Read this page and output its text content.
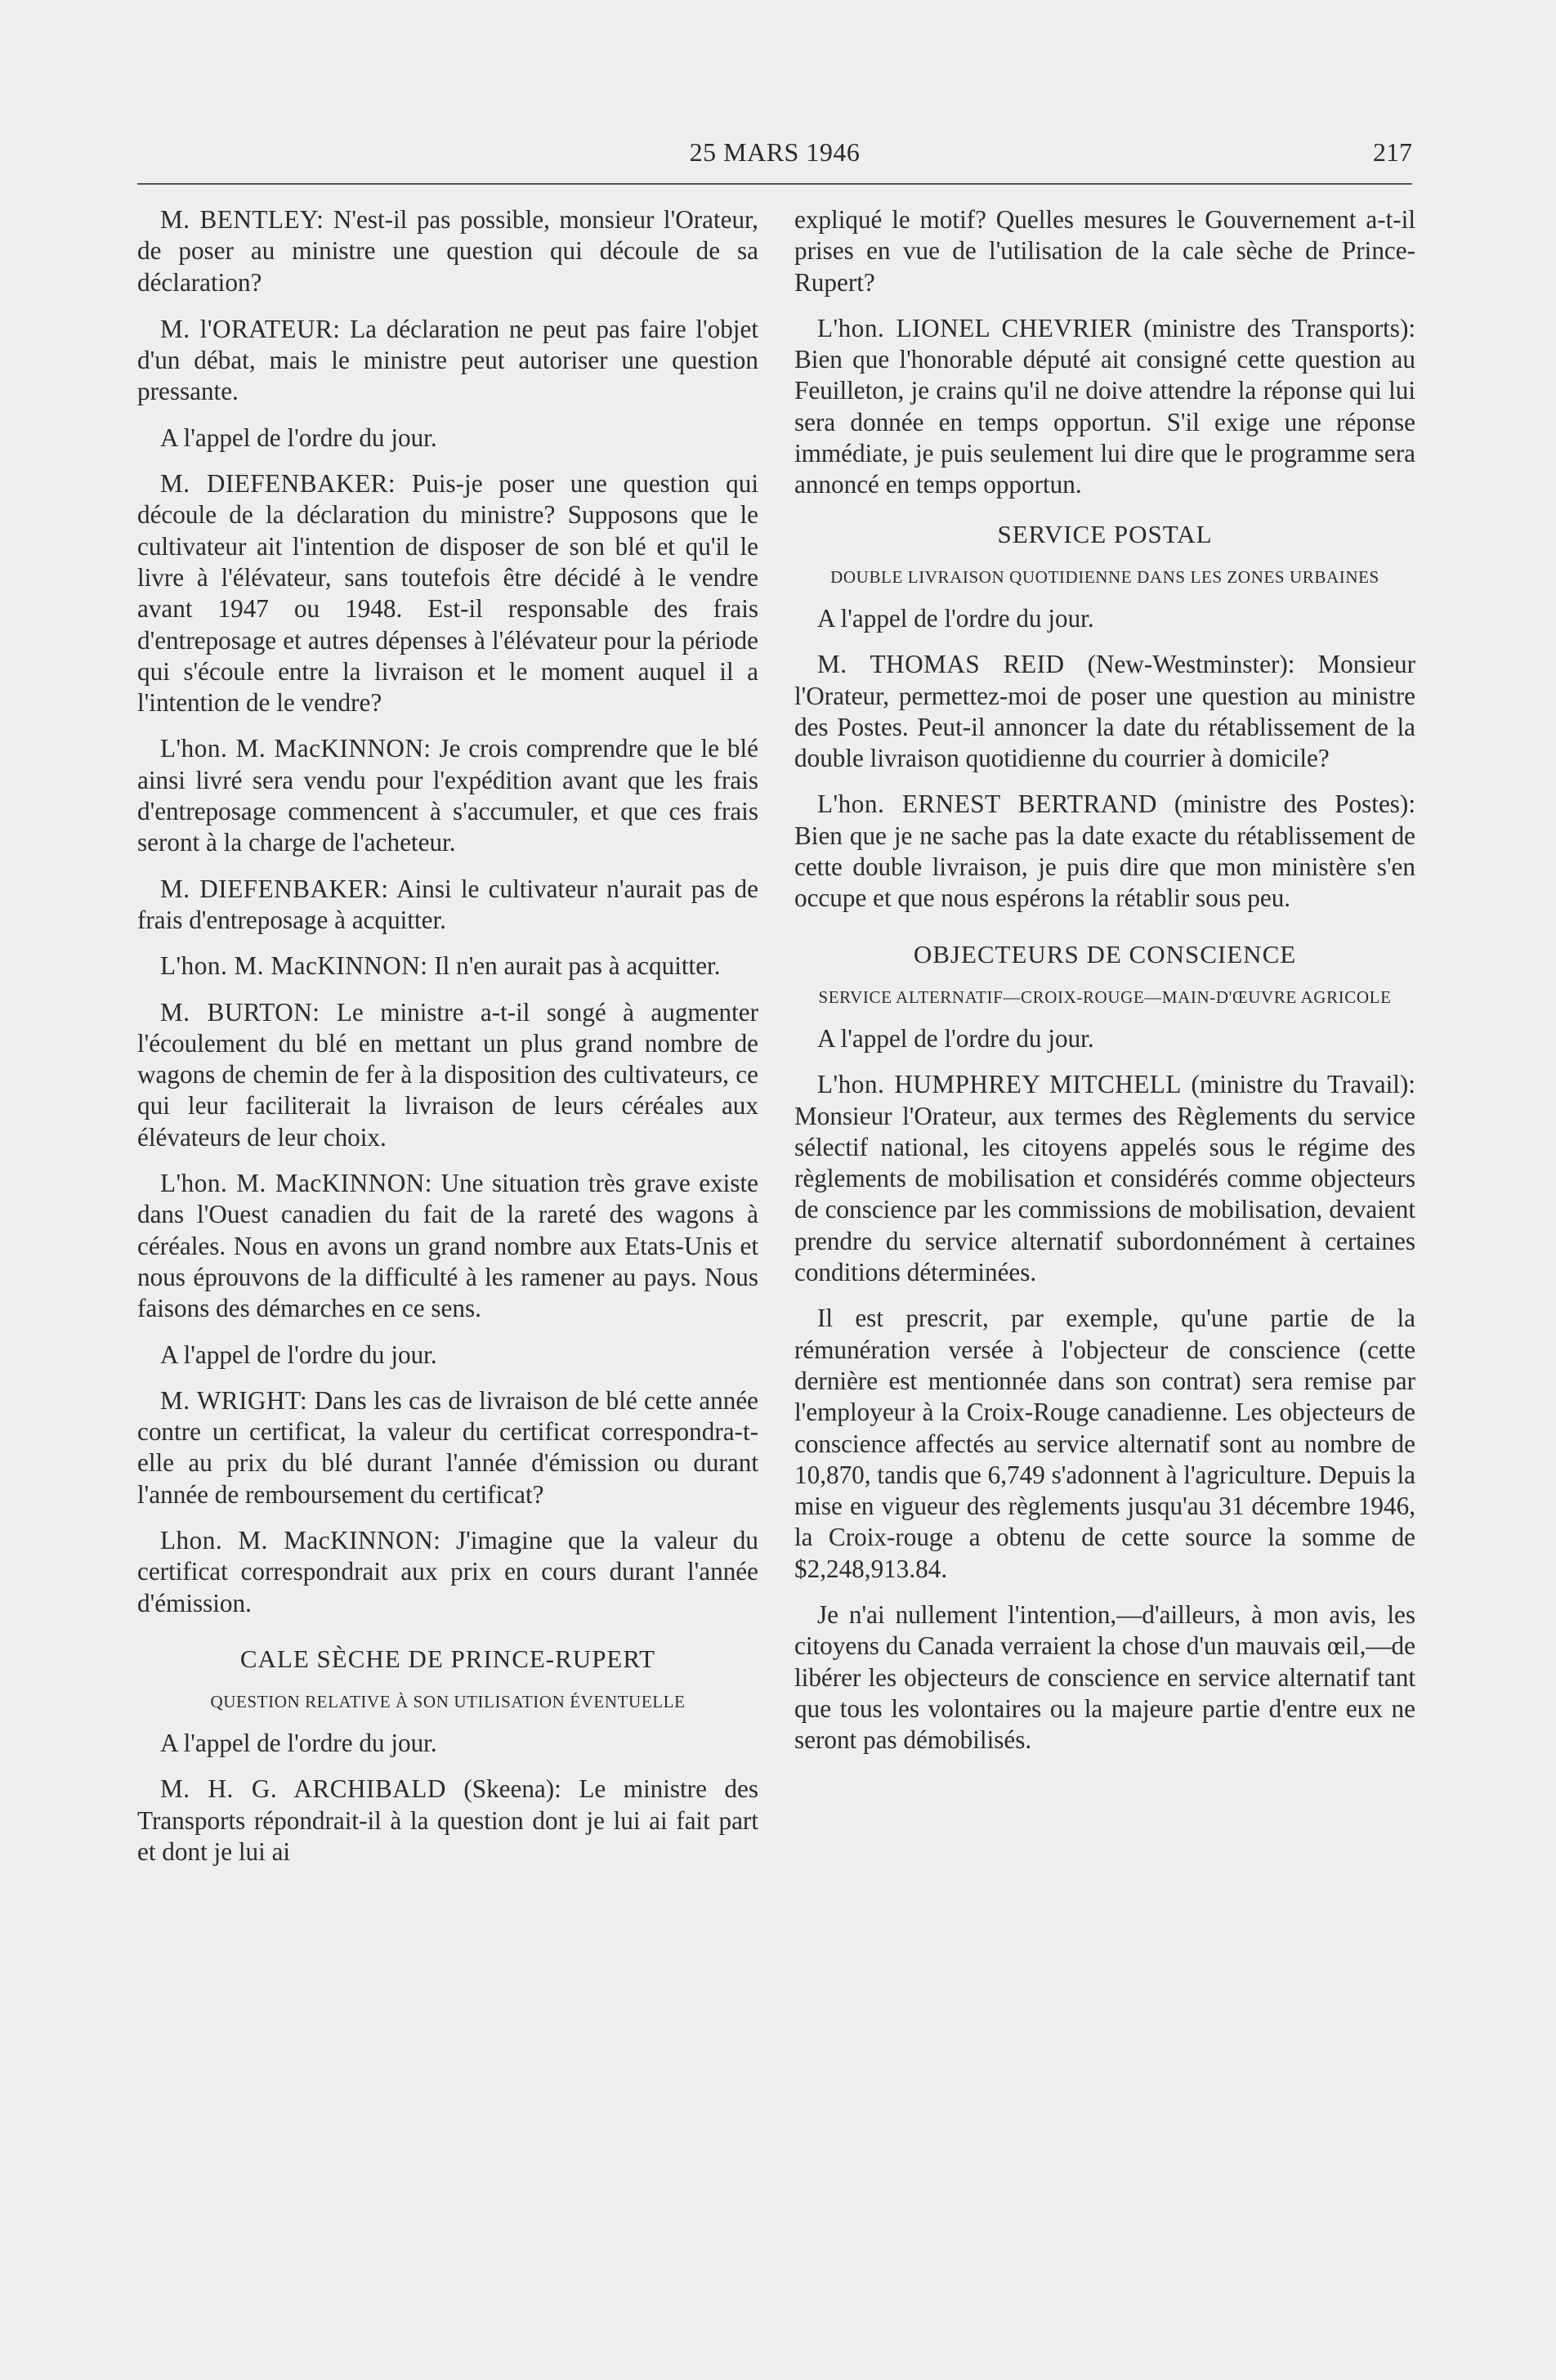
25 MARS 1946	217

M. BENTLEY: N'est-il pas possible, monsieur l'Orateur, de poser au ministre une question qui découle de sa déclaration?

M. l'ORATEUR: La déclaration ne peut pas faire l'objet d'un débat, mais le ministre peut autoriser une question pressante.

A l'appel de l'ordre du jour.

M. DIEFENBAKER: Puis-je poser une question qui découle de la déclaration du ministre? Supposons que le cultivateur ait l'intention de disposer de son blé et qu'il le livre à l'élévateur, sans toutefois être décidé à le vendre avant 1947 ou 1948. Est-il responsable des frais d'entreposage et autres dépenses à l'élévateur pour la période qui s'écoule entre la livraison et le moment auquel il a l'intention de le vendre?

L'hon. M. MacKINNON: Je crois comprendre que le blé ainsi livré sera vendu pour l'expédition avant que les frais d'entreposage commencent à s'accumuler, et que ces frais seront à la charge de l'acheteur.

M. DIEFENBAKER: Ainsi le cultivateur n'aurait pas de frais d'entreposage à acquitter.

L'hon. M. MacKINNON: Il n'en aurait pas à acquitter.

M. BURTON: Le ministre a-t-il songé à augmenter l'écoulement du blé en mettant un plus grand nombre de wagons de chemin de fer à la disposition des cultivateurs, ce qui leur faciliterait la livraison de leurs céréales aux élévateurs de leur choix.

L'hon. M. MacKINNON: Une situation très grave existe dans l'Ouest canadien du fait de la rareté des wagons à céréales. Nous en avons un grand nombre aux Etats-Unis et nous éprouvons de la difficulté à les ramener au pays. Nous faisons des démarches en ce sens.

A l'appel de l'ordre du jour.

M. WRIGHT: Dans les cas de livraison de blé cette année contre un certificat, la valeur du certificat correspondra-t-elle au prix du blé durant l'année d'émission ou durant l'année de remboursement du certificat?

Lhon. M. MacKINNON: J'imagine que la valeur du certificat correspondrait aux prix en cours durant l'année d'émission.

CALE SÈCHE DE PRINCE-RUPERT
QUESTION RELATIVE À SON UTILISATION ÉVENTUELLE

A l'appel de l'ordre du jour.

M. H. G. ARCHIBALD (Skeena): Le ministre des Transports répondrait-il à la question dont je lui ai fait part et dont je lui ai

expliqué le motif? Quelles mesures le Gouvernement a-t-il prises en vue de l'utilisation de la cale sèche de Prince-Rupert?

L'hon. LIONEL CHEVRIER (ministre des Transports): Bien que l'honorable député ait consigné cette question au Feuilleton, je crains qu'il ne doive attendre la réponse qui lui sera donnée en temps opportun. S'il exige une réponse immédiate, je puis seulement lui dire que le programme sera annoncé en temps opportun.

SERVICE POSTAL
DOUBLE LIVRAISON QUOTIDIENNE DANS LES ZONES URBAINES

A l'appel de l'ordre du jour.

M. THOMAS REID (New-Westminster): Monsieur l'Orateur, permettez-moi de poser une question au ministre des Postes. Peut-il annoncer la date du rétablissement de la double livraison quotidienne du courrier à domicile?

L'hon. ERNEST BERTRAND (ministre des Postes): Bien que je ne sache pas la date exacte du rétablissement de cette double livraison, je puis dire que mon ministère s'en occupe et que nous espérons la rétablir sous peu.

OBJECTEURS DE CONSCIENCE
SERVICE ALTERNATIF—CROIX-ROUGE—MAIN-D'ŒUVRE AGRICOLE

A l'appel de l'ordre du jour.

L'hon. HUMPHREY MITCHELL (ministre du Travail): Monsieur l'Orateur, aux termes des Règlements du service sélectif national, les citoyens appelés sous le régime des règlements de mobilisation et considérés comme objecteurs de conscience par les commissions de mobilisation, devaient prendre du service alternatif subordonnément à certaines conditions déterminées.

Il est prescrit, par exemple, qu'une partie de la rémunération versée à l'objecteur de conscience (cette dernière est mentionnée dans son contrat) sera remise par l'employeur à la Croix-Rouge canadienne. Les objecteurs de conscience affectés au service alternatif sont au nombre de 10,870, tandis que 6,749 s'adonnent à l'agriculture. Depuis la mise en vigueur des règlements jusqu'au 31 décembre 1946, la Croix-rouge a obtenu de cette source la somme de $2,248,913.84.

Je n'ai nullement l'intention,—d'ailleurs, à mon avis, les citoyens du Canada verraient la chose d'un mauvais œil,—de libérer les objecteurs de conscience en service alternatif tant que tous les volontaires ou la majeure partie d'entre eux ne seront pas démobilisés.
